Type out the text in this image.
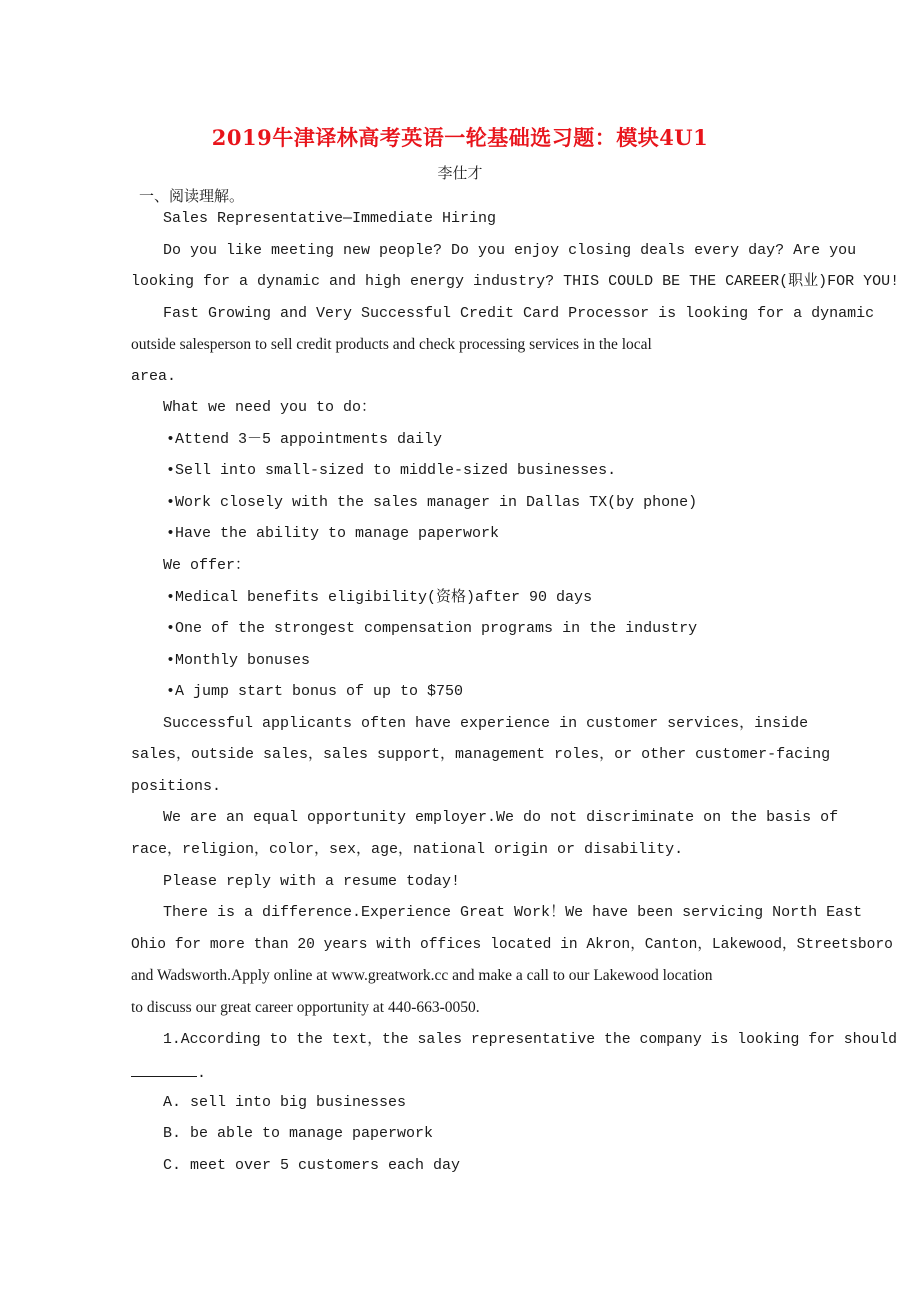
2019牛津译林高考英语一轮基础选习题：模块4U1
李仕才
一、阅读理解。
Sales Representative—Immediate Hiring
Do you like meeting new people? Do you enjoy closing deals every day? Are you
looking for a dynamic and high energy industry? THIS COULD BE THE CAREER(职业)FOR YOU!
Fast Growing and Very Successful Credit Card Processor is looking for a dynamic
outside salesperson to sell credit products and check processing services in the local
area.
What we need you to do：
•Attend 3－5 appointments daily
•Sell into small-sized to middle-sized businesses.
•Work closely with the sales manager in Dallas TX(by phone)
•Have the ability to manage paperwork
We offer：
•Medical benefits eligibility(资格)after 90 days
•One of the strongest compensation programs in the industry
•Monthly bonuses
•A jump start bonus of up to $750
Successful applicants often have experience in customer services，inside
sales，outside sales，sales support，management roles，or other customer-facing
positions.
We are an equal opportunity employer.We do not discriminate on the basis of
race，religion，color，sex，age，national origin or disability.
Please reply with a resume today!
There is a difference.Experience Great Work！We have been servicing North East
Ohio for more than 20 years with offices located in Akron，Canton，Lakewood，Streetsboro
and Wadsworth.Apply online at www.greatwork.cc and make a call to our Lakewood location
to discuss our great career opportunity at 440-663-0050.
1.According to the text，the sales representative the company is looking for should
.
A. sell into big businesses
B. be able to manage paperwork
C. meet over 5 customers each day
